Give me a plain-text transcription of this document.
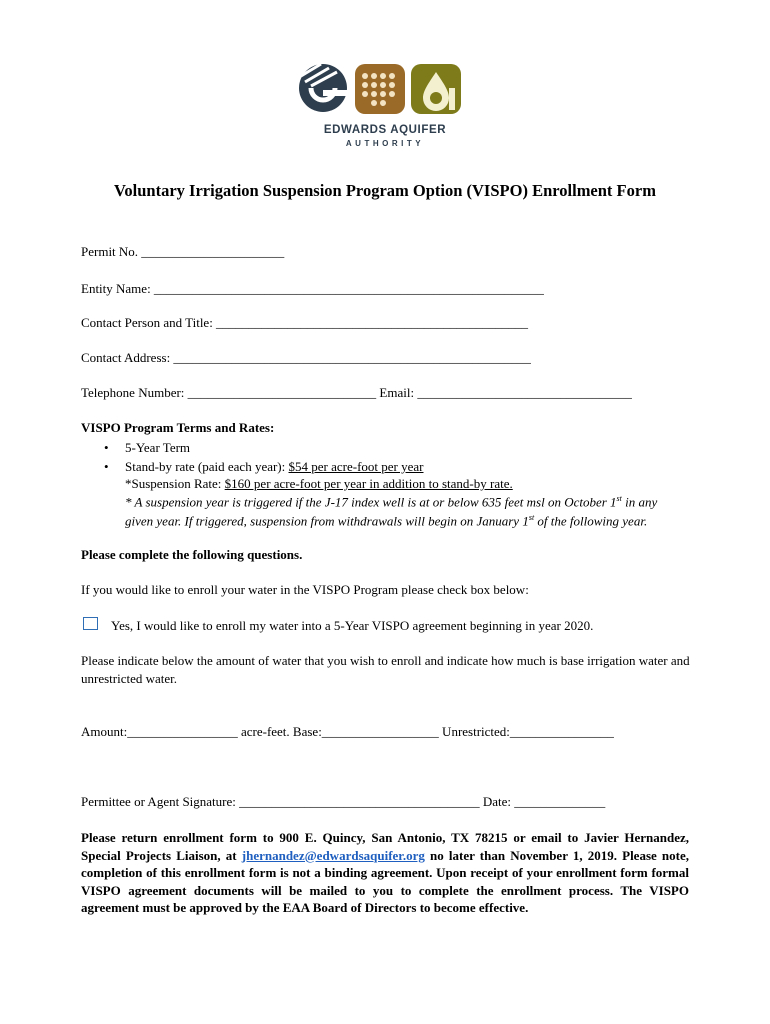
EDWARDS AQUIFER
AUTHORITY
Voluntary Irrigation Suspension Program Option (VISPO) Enrollment Form
Permit No. ______________________
Entity Name: ____________________________________________________________
Contact Person and Title: ________________________________________________
Contact Address: _______________________________________________________
Telephone Number: _____________________________ Email: _________________________________
VISPO Program Terms and Rates:
• 5-Year Term
• Stand-by rate (paid each year): $54 per acre-foot per year
*Suspension Rate: $160 per acre-foot per year in addition to stand-by rate.
* A suspension year is triggered if the J-17 index well is at or below 635 feet msl on October 1st in any
given year. If triggered, suspension from withdrawals will begin on January 1st of the following year.
Please complete the following questions.
If you would like to enroll your water in the VISPO Program please check box below:
Yes, I would like to enroll my water into a 5-Year VISPO agreement beginning in year 2020.
Please indicate below the amount of water that you wish to enroll and indicate how much is base irrigation water and unrestricted water.
Amount:_________________ acre-feet. Base:__________________ Unrestricted:________________
Permittee or Agent Signature: _____________________________________ Date: ______________
Please return enrollment form to 900 E. Quincy, San Antonio, TX 78215 or email to Javier Hernandez, Special Projects Liaison, at jhernandez@edwardsaquifer.org no later than November 1, 2019. Please note, completion of this enrollment form is not a binding agreement. Upon receipt of your enrollment form formal VISPO agreement documents will be mailed to you to complete the enrollment process. The VISPO agreement must be approved by the EAA Board of Directors to become effective.
